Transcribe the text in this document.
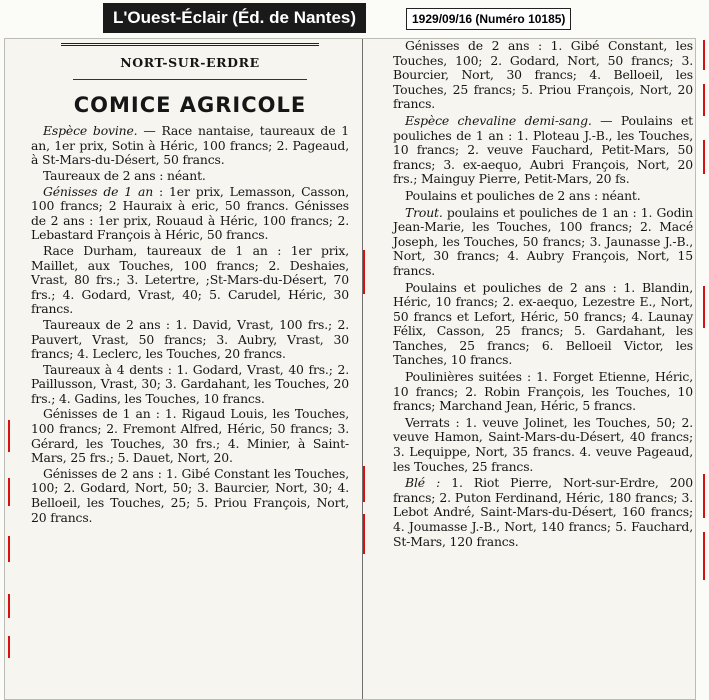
L'Ouest-Éclair (Éd. de Nantes)	1929/09/16 (Numéro 10185)
NORT-SUR-ERDRE
COMICE AGRICOLE

Espèce bovine. — Race nantaise, taureaux de 1 an, 1er prix, Sotin à Héric, 100 francs; 2. Pageaud, à St-Mars-du-Désert, 50 francs.

Taureaux de 2 ans : néant.

Génisses de 1 an : 1er prix, Lemasson, Casson, 100 francs; 2 Hauraix à eric, 50 francs. Génisses de 2 ans : 1er prix, Rouaud à Héric, 100 francs; 2. Lebastard François à Héric, 50 francs.

Race Durham, taureaux de 1 an : 1er prix, Maillet, aux Touches, 100 francs; 2. Deshaies, Vrast, 80 frs.; 3. Letertre, ;St-Mars-du-Désert, 70 frs.; 4. Godard, Vrast, 40; 5. Carudel, Héric, 30 francs.

Taureaux de 2 ans : 1. David, Vrast, 100 frs.; 2. Pauvert, Vrast, 50 francs; 3. Aubry, Vrast, 30 francs; 4. Leclerc, les Touches, 20 francs.

Taureaux à 4 dents : 1. Godard, Vrast, 40 frs.; 2. Paillusson, Vrast, 30; 3. Gardahant, les Touches, 20 frs.; 4. Gadins, les Touches, 10 francs.

Génisses de 1 an : 1. Rigaud Louis, les Touches, 100 francs; 2. Fremont Alfred, Héric, 50 francs; 3. Gérard, les Touches, 30 frs.; 4. Minier, à Saint-Mars, 25 frs.; 5. Dauet, Nort, 20.

Génisses de 2 ans : 1. Gibé Constant les Touches, 100; 2. Godard, Nort, 50; 3. Baurcier, Nort, 30; 4. Belloeil, les Touches, 25; 5. Priou François, Nort, 20 francs.

Génisses de 2 ans : 1. Gibé Constant, les Touches, 100; 2. Godard, Nort, 50 francs; 3. Bourcier, Nort, 30 francs; 4. Belloeil, les Touches, 25 francs; 5. Priou François, Nort, 20 francs.

Espèce chevaline demi-sang. — Poulains et pouliches de 1 an : 1. Ploteau J.-B., les Touches, 10 francs; 2. veuve Fauchard, Petit-Mars, 50 francs; 3. ex-aequo, Aubri François, Nort, 20 frs.; Mainguy Pierre, Petit-Mars, 20 fs.

Poulains et pouliches de 2 ans : néant.

Trout. poulains et pouliches de 1 an : 1. Godin Jean-Marie, les Touches, 100 francs; 2. Macé Joseph, les Touches, 50 francs; 3. Jaunasse J.-B., Nort, 30 francs; 4. Aubry François, Nort, 15 francs.

Poulains et pouliches de 2 ans : 1. Blandin, Héric, 10 francs; 2. ex-aequo, Lezestre E., Nort, 50 francs et Lefort, Héric, 50 francs; 4. Launay Félix, Casson, 25 francs; 5. Gardahant, les Tanches, 25 francs; 6. Belloeil Victor, les Tanches, 10 francs.

Poulinières suitées : 1. Forget Etienne, Héric, 10 francs; 2. Robin François, les Touches, 10 francs; Marchand Jean, Héric, 5 francs.

Verrats : 1. veuve Jolinet, les Touches, 50; 2. veuve Hamon, Saint-Mars-du-Désert, 40 francs; 3. Lequippe, Nort, 35 francs. 4. veuve Pageaud, les Touches, 25 francs.

Blé : 1. Riot Pierre, Nort-sur-Erdre, 200 francs; 2. Puton Ferdinand, Héric, 180 francs; 3. Lebot André, Saint-Mars-du-Désert, 160 francs; 4. Joumasse J.-B., Nort, 140 francs; 5. Fauchard, St-Mars, 120 francs.
